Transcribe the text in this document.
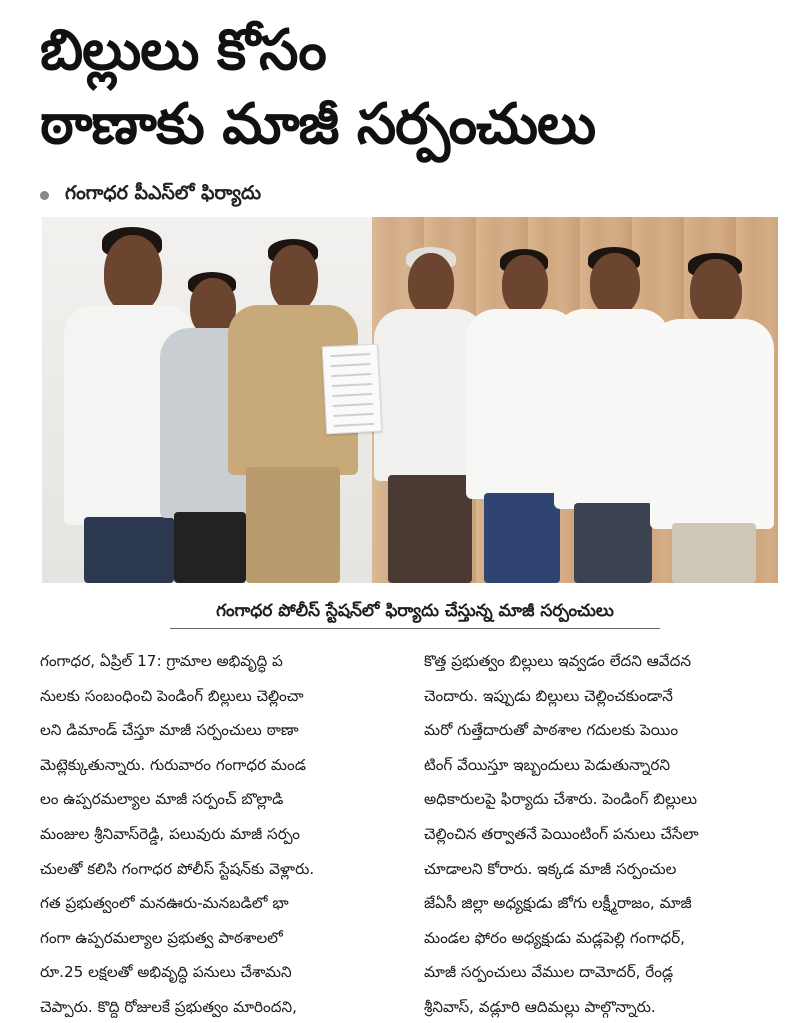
బిల్లులు కోసం
ఠాణాకు మాజీ సర్పంచులు
గంగాధర పీఎస్‌లో ఫిర్యాదు
గంగాధర పోలీస్ స్టేషన్‌లో ఫిర్యాదు చేస్తున్న మాజీ సర్పంచులు
గంగాధర, ఏప్రిల్ 17: గ్రామాల అభివృద్ధి ప
నులకు సంబంధించి పెండింగ్ బిల్లులు చెల్లించా
లని డిమాండ్ చేస్తూ మాజీ సర్పంచులు ఠాణా
మెట్లెక్కుతున్నారు. గురువారం గంగాధర మండ
లం ఉప్పరమల్యాల మాజీ సర్పంచ్ బొల్లాడి
మంజుల శ్రీనివాస్‌రెడ్డి, పలువురు మాజీ సర్పం
చులతో కలిసి గంగాధర పోలీస్ స్టేషన్‌కు వెళ్లారు.
గత ప్రభుత్వంలో మనఊరు-మనబడిలో భా
గంగా ఉప్పరమల్యాల ప్రభుత్వ పాఠశాలలో
రూ.25 లక్షలతో అభివృద్ధి పనులు చేశామని
చెప్పారు. కొద్ది రోజులకే ప్రభుత్వం మారిందని,
కొత్త ప్రభుత్వం బిల్లులు ఇవ్వడం లేదని ఆవేదన
చెందారు. ఇప్పుడు బిల్లులు చెల్లించకుండానే
మరో గుత్తేదారుతో పాఠశాల గదులకు పెయిం
టింగ్ వేయిస్తూ ఇబ్బందులు పెడుతున్నారని
అధికారులపై ఫిర్యాదు చేశారు. పెండింగ్ బిల్లులు
చెల్లించిన తర్వాతనే పెయింటింగ్ పనులు చేసేలా
చూడాలని కోరారు. ఇక్కడ మాజీ సర్పంచుల
జేఏసీ జిల్లా అధ్యక్షుడు జోగు లక్ష్మీరాజం, మాజీ
మండల ఫోరం అధ్యక్షుడు మడ్లపెల్లి గంగాధర్,
మాజీ సర్పంచులు వేముల దామోదర్, రేండ్ల
శ్రీనివాస్, వడ్లూరి ఆదిమల్లు పాల్గొన్నారు.
